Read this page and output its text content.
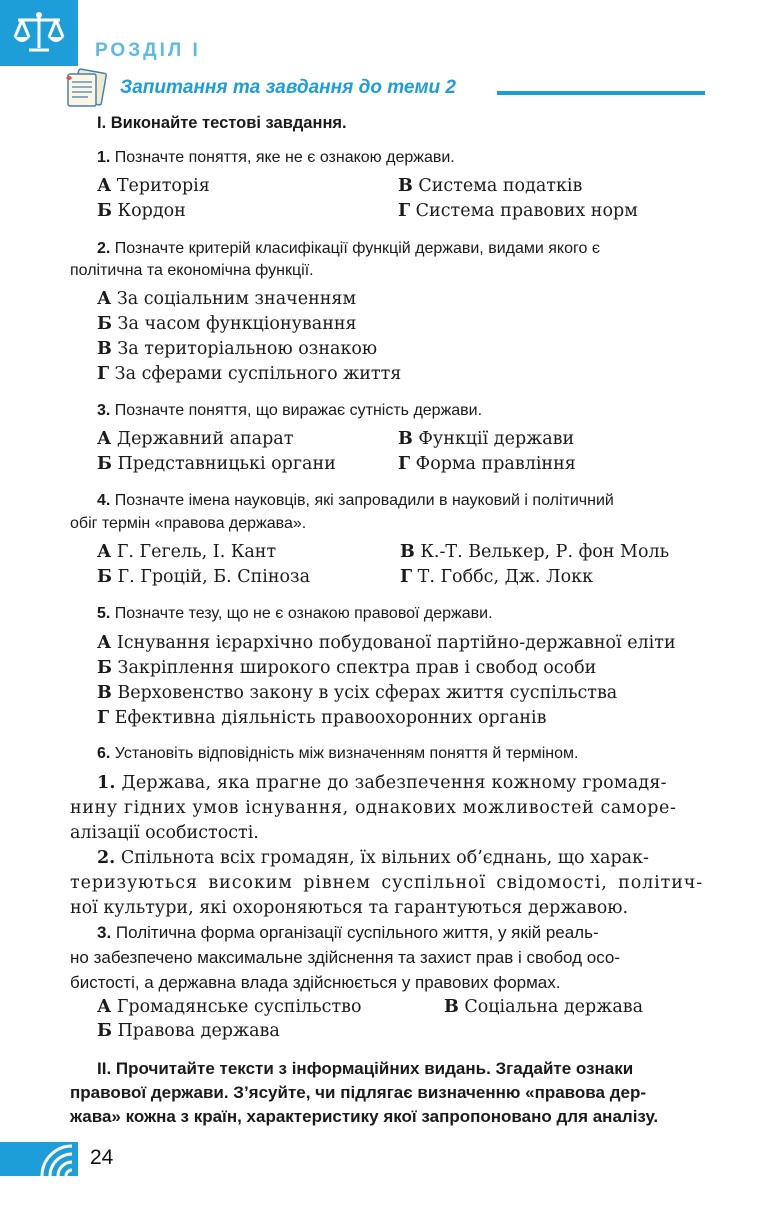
РОЗДІЛ I
Запитання та завдання до теми 2
I. Виконайте тестові завдання.
1. Позначте поняття, яке не є ознакою держави.
А Територія	В Система податків
Б Кордон	Г Система правових норм
2. Позначте критерій класифікації функцій держави, видами якого є
політична та економічна функції.
А За соціальним значенням
Б За часом функціонування
В За територіальною ознакою
Г За сферами суспільного життя
3. Позначте поняття, що виражає сутність держави.
А Державний апарат	В Функції держави
Б Представницькі органи	Г Форма правління
4. Позначте імена науковців, які запровадили в науковий і політичний
обіг термін «правова держава».
А Г. Гегель, І. Кант	В К.-Т. Велькер, Р. фон Моль
Б Г. Гроцій, Б. Спіноза	Г Т. Гоббс, Дж. Локк
5. Позначте тезу, що не є ознакою правової держави.
А Існування ієрархічно побудованої партійно-державної еліти
Б Закріплення широкого спектра прав і свобод особи
В Верховенство закону в усіх сферах життя суспільства
Г Ефективна діяльність правоохоронних органів
6. Установіть відповідність між визначенням поняття й терміном.
1. Держава, яка прагне до забезпечення кожному громадя-
нину гідних умов існування, однакових можливостей саморе-
алізації особистості.
2. Спільнота всіх громадян, їх вільних об’єднань, що харак-
теризуються високим рівнем суспільної свідомості, політич-
ної культури, які охороняються та гарантуються державою.
3. Політична форма організації суспільного життя, у якій реаль-
но забезпечено максимальне здійснення та захист прав і свобод осо-
бистості, а державна влада здійснюється у правових формах.
А Громадянське суспільство	В Соціальна держава
Б Правова держава
II. Прочитайте тексти з інформаційних видань. Згадайте ознаки
правової держави. З’ясуйте, чи підлягає визначенню «правова дер-
жава» кожна з країн, характеристику якої запропоновано для аналізу.
24
